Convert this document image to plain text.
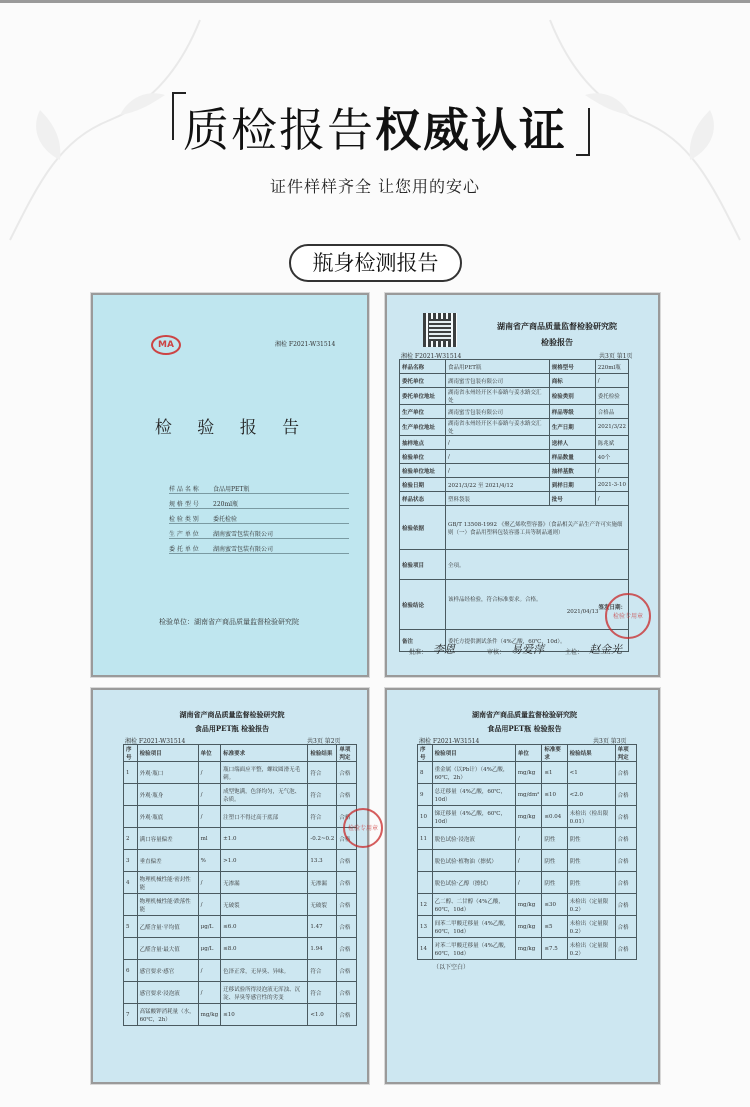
质检报告权威认证
证件样样齐全 让您用的安心
瓶身检测报告
MA	湘检 F2021-W31514
检 验 报 告
样 品 名 称	食品用PET瓶
规 格 型 号	220ml瓶
检 验 类 别	委托检验
生 产 单 位	湖南蜜雪包装有限公司
委 托 单 位	湖南蜜雪包装有限公司
检验单位：湖南省产商品质量监督检验研究院
湖南省产商品质量监督检验研究院
检验报告
湘检 F2021-W31514	共3页 第1页
样品名称	食品用PET瓶	规格型号	220ml瓶
委托单位	湖南蜜雪包装有限公司	商标	/
委托单位地址	湖南省永州经开区丰泰路与姜水路交汇处	检验类别	委托检验
生产单位	湖南蜜雪包装有限公司	样品等级	合格品
生产单位地址	湖南省永州经开区丰泰路与姜水路交汇处	生产日期	2021/3/22
抽样地点	/	送样人	陈兆斌
检验单位	/	样品数量	40个
检验单位地址	/	抽样基数	/
检验日期	2021/3/22 至 2021/4/12	到样日期	2021-3-10
样品状态	塑料袋装	批号	/
检验依据	GB/T 13508-1992 《聚乙烯吹塑容器》（食品相关产品生产许可实施细则（一）食品用塑料包装容器工具等制品通则）
检验项目	全项。
检验结论	该样品经检验，符合标准要求。合格。

签发日期：

2021/04/13

备注	委托方提供测试条件（4%乙酸，60℃，10d）。
检验专用章
批准： 李恩	审核： 易爱萍	主检： 赵金光
湖南省产商品质量监督检验研究院
食品用PET瓶 检验报告
湘检 F2021-W31514	共3页 第2页
序号	检验项目	单位	标准要求	检验结果	单项判定
1	外观·瓶口	/	瓶口端面应平整，螺纹圆滑无毛刺。	符合	合格
	外观·瓶身	/	成型饱满，色泽均匀，无气泡、杂质。	符合	合格
	外观·瓶底	/	注塑口不得过高于底部	符合	合格
2	满口容量偏差	ml	±1.0	-0.2~0.2	合格
3	垂直偏差	%	>1.0	13.3	合格
4	物理机械性能·密封性能	/	无渗漏	无渗漏	合格
	物理机械性能·跌落性能	/	无破裂	无破裂	合格
5	乙醛含量·平均值	μg/L	≤6.0	1.47	合格
	乙醛含量·最大值	μg/L	≤8.0	1.94	合格
6	感官要求·感官	/	色泽正常，无异臭、异味。	符合	合格
	感官要求·浸泡液	/	迁移试验所得浸泡液无浑浊、沉淀、异臭等感官性的劣变	符合	合格
7	高锰酸钾消耗量（水，60℃，2h）	mg/kg	≤10	<1.0	合格
检验专用章
湖南省产商品质量监督检验研究院
食品用PET瓶 检验报告
湘检 F2021-W31514	共3页 第3页
序号	检验项目	单位	标准要求	检验结果	单项判定
8	重金属（以Pb计）（4%乙酸，60℃，2h）	mg/kg	≤1	<1	合格
9	总迁移量（4%乙酸，60℃，10d）	mg/dm²	≤10	<2.0	合格
10	锑迁移量（4%乙酸，60℃，10d）	mg/kg	≤0.04	未检出（检出限0.01）	合格
11	脱色试验·浸泡液	/	阴性	阴性	合格
	脱色试验·植物油（擦拭）	/	阴性	阴性	合格
	脱色试验·乙醇（擦拭）	/	阴性	阴性	合格
12	乙二醇、二甘醇（4%乙酸，60℃，10d）	mg/kg	≤30	未检出（定量限0.2）	合格
13	间苯二甲酸迁移量（4%乙酸，60℃，10d）	mg/kg	≤5	未检出（定量限0.2）	合格
14	对苯二甲酸迁移量（4%乙酸，60℃，10d）	mg/kg	≤7.5	未检出（定量限0.2）	合格
（以下空白）
